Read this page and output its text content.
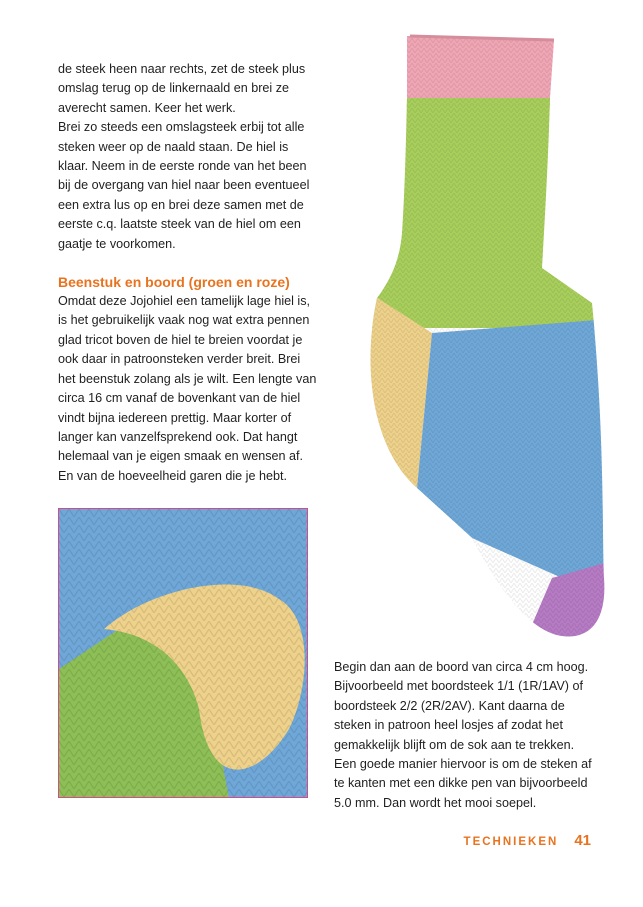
de steek heen naar rechts, zet de steek plus omslag terug op de linkernaald en brei ze averecht samen. Keer het werk.

Brei zo steeds een omslagsteek erbij tot alle steken weer op de naald staan. De hiel is klaar. Neem in de eerste ronde van het been bij de overgang van hiel naar been eventueel een extra lus op en brei deze samen met de eerste c.q. laatste steek van de hiel om een gaatje te voorkomen.

Beenstuk en boord (groen en roze)

Omdat deze Jojohiel een tamelijk lage hiel is, is het gebruikelijk vaak nog wat extra pennen glad tricot boven de hiel te breien voordat je ook daar in patroonsteken verder breit. Brei het beenstuk zolang als je wilt. Een lengte van circa 16 cm vanaf de bovenkant van de hiel vindt bijna iedereen prettig. Maar korter of langer kan vanzelfsprekend ook. Dat hangt helemaal van je eigen smaak en wensen af. En van de hoeveelheid garen die je hebt.

Begin dan aan de boord van circa 4 cm hoog. Bijvoorbeeld met boordsteek 1/1 (1R/1AV) of boordsteek 2/2 (2R/2AV). Kant daarna de steken in patroon heel losjes af zodat het gemakkelijk blijft om de sok aan te trekken. Een goede manier hiervoor is om de steken af te kanten met een dikke pen van bijvoorbeeld 5.0 mm. Dan wordt het mooi soepel.

TECHNIEKEN 41
